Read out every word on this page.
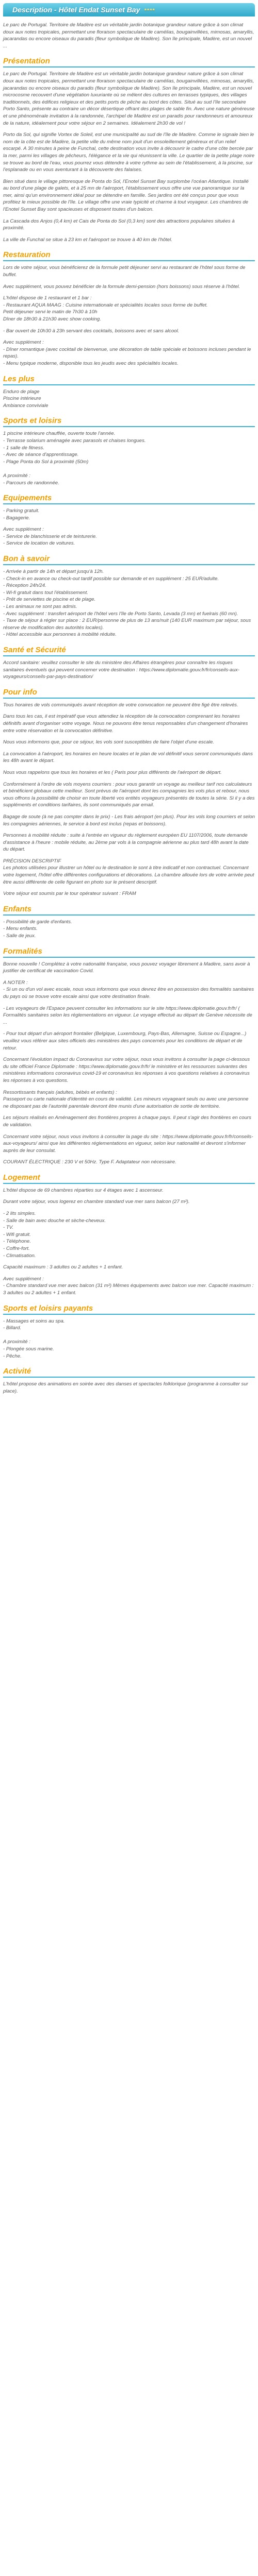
Description - Hôtel Endat Sunset Bay ****

Le parc de Portugal. Territoire de Madère est un véritable jardin botanique grandeur nature grâce à son climat doux aux notes tropicales, permettant une floraison spectaculaire de camélias, bougainvillées, mimosas, amaryllis, jacarandas ou encore oiseaux du paradis (fleur symbolique de Madère). Son île principale, Madère, est un nouvel ...

Présentation

Le parc de Portugal. Territoire de Madère est un véritable jardin botanique grandeur nature grâce à son climat doux aux notes tropicales, permettant une floraison spectaculaire de camélias, bougainvillées, mimosas, amaryllis, jacarandas ou encore oiseaux du paradis (fleur symbolique de Madère). Son île principale, Madère, est un nouvel microcosme recouvert d'une végétation luxuriante où se mêlent des cultures en terrasses typiques, des villages traditionnels, des édifices religieux et des petits ports de pêche au bord des côtes. Situé au sud l'île secondaire Porto Santo, présente au contraire un décor désertique offrant des plages de sable fin. Avec une nature généreuse et une phénoménale invitation à la randonnée, l'archipel de Madère est un paradis pour randonneurs et amoureux de la nature, idéalement pour votre séjour en 2 semaines. Idéalement 2h30 de vol !

Porto da Sol, qui signifie Vortex de Soleil, est une municipalité au sud de l'île de Madère. Comme le signale bien le nom de la côte est de Madère, la petite ville du même nom jouit d'un ensoleillement généreux et d'un relief escarpé. A 30 minutes à peine de Funchal, cette destination vous invite à découvrir le cadre d'une côte bercée par la mer, parmi les villages de pêcheurs, l'élégance et la vie qui réunissent la ville. Le quartier de la petite plage noire se trouve au bord de l'eau, vous pourrez vous détendre à votre rythme au sein de l'établissement, à la piscine, sur l'esplanade ou en vous aventurant à la découverte des falaises.

Bien situé dans le village pittoresque de Ponta do Sol, l'Enotel Sunset Bay surplombe l'océan Atlantique. Installé au bord d'une plage de galets, et à 25 mn de l'aéroport, l'établissement vous offre une vue panoramique sur la mer, ainsi qu'un environnement idéal pour se détendre en famille. Ses jardins ont été conçus pour que vous profitiez le mieux possible de l'île. Le village offre une vraie typicité et charme à tout voyageur. Les chambres de l'Enotel Sunset Bay sont spacieuses et disposent toutes d'un balcon.

La Cascada dos Anjos (0,4 km) et Cais de Ponta do Sol (0,3 km) sont des attractions populaires situées à proximité.

La ville de Funchal se situe à 23 km et l'aéroport se trouve à 40 km de l'hôtel.

Restauration

Lors de votre séjour, vous bénéficierez de la formule petit déjeuner servi au restaurant de l'hôtel sous forme de buffet.

Avec supplément, vous pouvez bénéficier de la formule demi-pension (hors boissons) sous réserve à l'hôtel.

L'hôtel dispose de 1 restaurant et 1 bar :
- Restaurant AQUA MAAG : Cuisine internationale et spécialités locales sous forme de buffet.
Petit déjeuner servi le matin de 7h30 à 10h
Dîner de 18h30 à 21h30 avec show cooking.
- Bar ouvert de 10h30 à 23h servant des cocktails, boissons avec et sans alcool.
Avec supplément :
- Dîner romantique (avec cocktail de bienvenue, une décoration de table spéciale et boissons incluses pendant le repas).
- Menu typique moderne, disponible tous les jeudis avec des spécialités locales.
Les plus
Enduro de plage
Piscine intérieure
Ambiance conviviale
Sports et loisirs
1 piscine intérieure chauffée, ouverte toute l'année.
- Terrasse solarium aménagée avec parasols et chaises longues.
- 1 salle de fitness.
- Avec de séance d'apprentissage.
- Plage Ponta do Sol à proximité (50m)

A proximité :
- Parcours de randonnée.
Equipements
- Parking gratuit.
- Bagagerie.
Avec supplément :
- Service de blanchisserie et de teinturerie.
- Service de location de voitures.
Bon à savoir
- Arrivée à partir de 14h et départ jusqu'à 12h.
- Check-in en avance ou check-out tardif possible sur demande et en supplément : 25 EUR/adulte.
- Réception 24h/24.
- Wi-fi gratuit dans tout l'établissement.
- Prêt de serviettes de piscine et de plage.
- Les animaux ne sont pas admis.
- Avec supplément : transfert aéroport de l'hôtel vers l'île de Porto Santo, Levada (3 mn) et fuelrais (60 mn).
- Taxe de séjour à régler sur place : 2 EUR/personne de plus de 13 ans/nuit (140 EUR maximum par séjour, sous réserve de modification des autorités locales).
- Hôtel accessible aux personnes à mobilité réduite.
Santé et Sécurité

Accord sanitaire: veuillez consulter le site du ministère des Affaires étrangères pour connaître les risques sanitaires éventuels qui peuvent concerner votre destination : https://www.diplomatie.gouv.fr/fr/conseils-aux-voyageurs/conseils-par-pays-destination/

Pour info

Tous horaires de vols communiqués avant réception de votre convocation ne peuvent être figé être relevés.

Dans tous les cas, il est impératif que vous attendiez la réception de la convocation comprenant les horaires définitifs avant d'organiser votre voyage. Nous ne pouvons être tenus responsables d'un changement d'horaires entre votre réservation et la convocation définitive.

Nous vous informons que, pour ce séjour, les vols sont susceptibles de faire l'objet d'une escale.

La convocation à l'aéroport, les horaires en heure locales et le plan de vol définitif vous seront communiqués dans les 48h avant le départ.

Nous vous rappelons que tous les horaires et les ( Paris pour plus différents de l'aéroport de départ.

Conformément à l'ordre de vols moyens courriers : pour vous garantir un voyage au meilleur tarif nos calculateurs et bénéficient globaux cette meilleur. Sont prévus de l'aéroport dont les compagnies les vols plus et rebour, nous vous offrons la possibilité de choisir en toute liberté vos entités voyageurs présentés de toutes la série. Si il y a des suppléments et conditions tarifaires, ils sont communiqués par email.

Bagage de soute (à ne pas compter dans le prix) - Les frais aéroport (en plus). Pour les vols long courriers et selon les compagnies aériennes, le service à bord est inclus (repas et boissons).

Personnes à mobilité réduite : suite à l'entrée en vigueur du règlement européen EU 1107/2006, toute demande d'assistance à l'heure : mobile réduite, au 2ème par vols à la compagnie aérienne au plus tard 48h avant la date du départ.

PRÉCISION DESCRIPTIF

Les photos utilisées pour illustrer un hôtel ou le destination le sont à titre indicatif et non contractuel. Concernant votre logement, l'hôtel offre différentes configurations et décorations. La chambre allouée lors de votre arrivée peut être aussi différente de celle figurant en photo sur le présent descriptif.

Votre séjour est soumis par le tour opérateur suivant : FRAM

Enfants
- Possibilité de garde d'enfants.
- Menu enfants.
- Salle de jeux.
Formalités

Bonne nouvelle ! Complétez à votre nationalité française, vous pouvez voyager librement à Madère, sans avoir à justifier de certificat de vaccination Covid.

A NOTER :

- Si un ou d'un vol avec escale, nous vous informons que vous devrez être en possession des formalités sanitaires du pays où se trouve votre escale ainsi que votre destination finale.

- Les voyageurs de l'Espace peuvent consulter les informations sur le site https://www.diplomatie.gouv.fr/fr/ ( Formalités sanitaires selon les réglementations en vigueur. Le voyage effectué au départ de Genève nécessite de ...

- Pour tout départ d'un aéroport frontalier (Belgique, Luxembourg, Pays-Bas, Allemagne, Suisse ou Espagne...) veuillez vous référer aux sites officiels des ministères des pays concernés pour les conditions de départ et de retour.

Concernant l'évolution impact du Coronavirus sur votre séjour, nous vous invitons à consulter la page ci-dessous du site officiel France Diplomatie : https://www.diplomatie.gouv.fr/fr/ le ministère et les ressources suivantes des ministères informations coronavirus covid-19 et coronavirus les réponses à vos questions relatives à coronavirus les réponses à vos questions.

Ressortissants français (adultes, bébés et enfants) :

Passeport ou carte nationale d'identité en cours de validité. Les mineurs voyageant seuls ou avec une personne ne disposant pas de l'autorité parentale devront être munis d'une autorisation de sortie de territoire.

Les séjours réalisés en Aménagement des frontières propres à chaque pays. Il peut s'agir des frontières en cours de validation.

Concernant votre séjour, nous vous invitons à consulter la page du site : https://www.diplomatie.gouv.fr/fr/conseils-aux-voyageurs/ ainsi que les différentes réglementations en vigueur, selon leur nationalité et devront s'informer auprès de leur consulat.

COURANT ÉLECTRIQUE : 230 V et 50Hz. Type F. Adaptateur non nécessaire.

Logement

L'hôtel dispose de 69 chambres réparties sur 4 étages avec 1 ascenseur.

Durant votre séjour, vous logerez en chambre standard vue mer sans balcon (27 m²).

- 2 lits simples.
- Salle de bain avec douche et sèche-cheveux.
- TV.
- Wifi gratuit.
- Téléphone.
- Coffre-fort.
- Climatisation.

Capacité maximum : 3 adultes ou 2 adultes + 1 enfant.

Avec supplément :

- Chambre standard vue mer avec balcon (31 m²) Mêmes équipements avec balcon vue mer. Capacité maximum : 3 adultes ou 2 adultes + 1 enfant.

Sports et loisirs payants
- Massages et soins au spa.
- Billard.

A proximité :
- Plongée sous marine.
- Pêche.
Activité

L'hôtel propose des animations en soirée avec des danses et spectacles folklorique (programme à consulter sur place).
